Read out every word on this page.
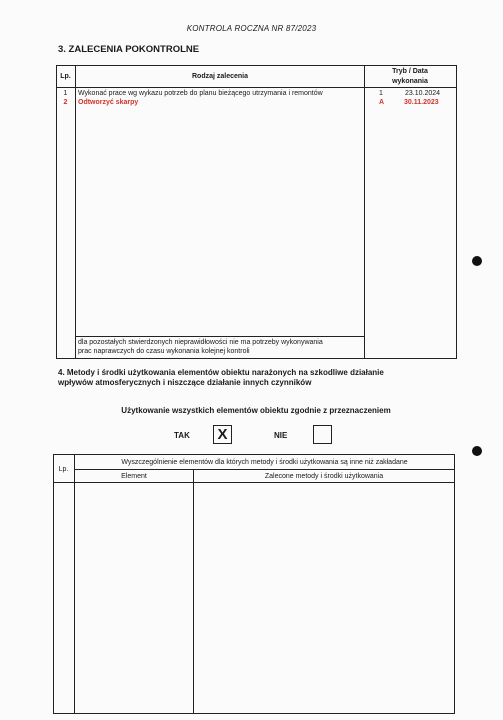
KONTROLA ROCZNA NR 87/2023
3. ZALECENIA POKONTROLNE
Lp.	Rodzaj zalecenia
Tryb / Data
wykonania
1	Wykonać prace wg wykazu potrzeb do planu bieżącego utrzymania i remontów	1	23.10.2024
2	Odtworzyć skarpy	A	30.11.2023
dla pozostałych stwierdzonych nieprawidłowości nie ma potrzeby wykonywania
prac naprawczych do czasu wykonania kolejnej kontroli
4. Metody i środki użytkowania elementów obiektu narażonych na szkodliwe działanie
wpływów atmosferycznych i niszczące działanie innych czynników
Użytkowanie wszystkich elementów obiektu zgodnie z przeznaczeniem
TAK X	NIE
Lp.
Wyszczególnienie elementów dla których metody i środki użytkowania są inne niż zakładane
Element	Zalecone metody i środki użytkowania
